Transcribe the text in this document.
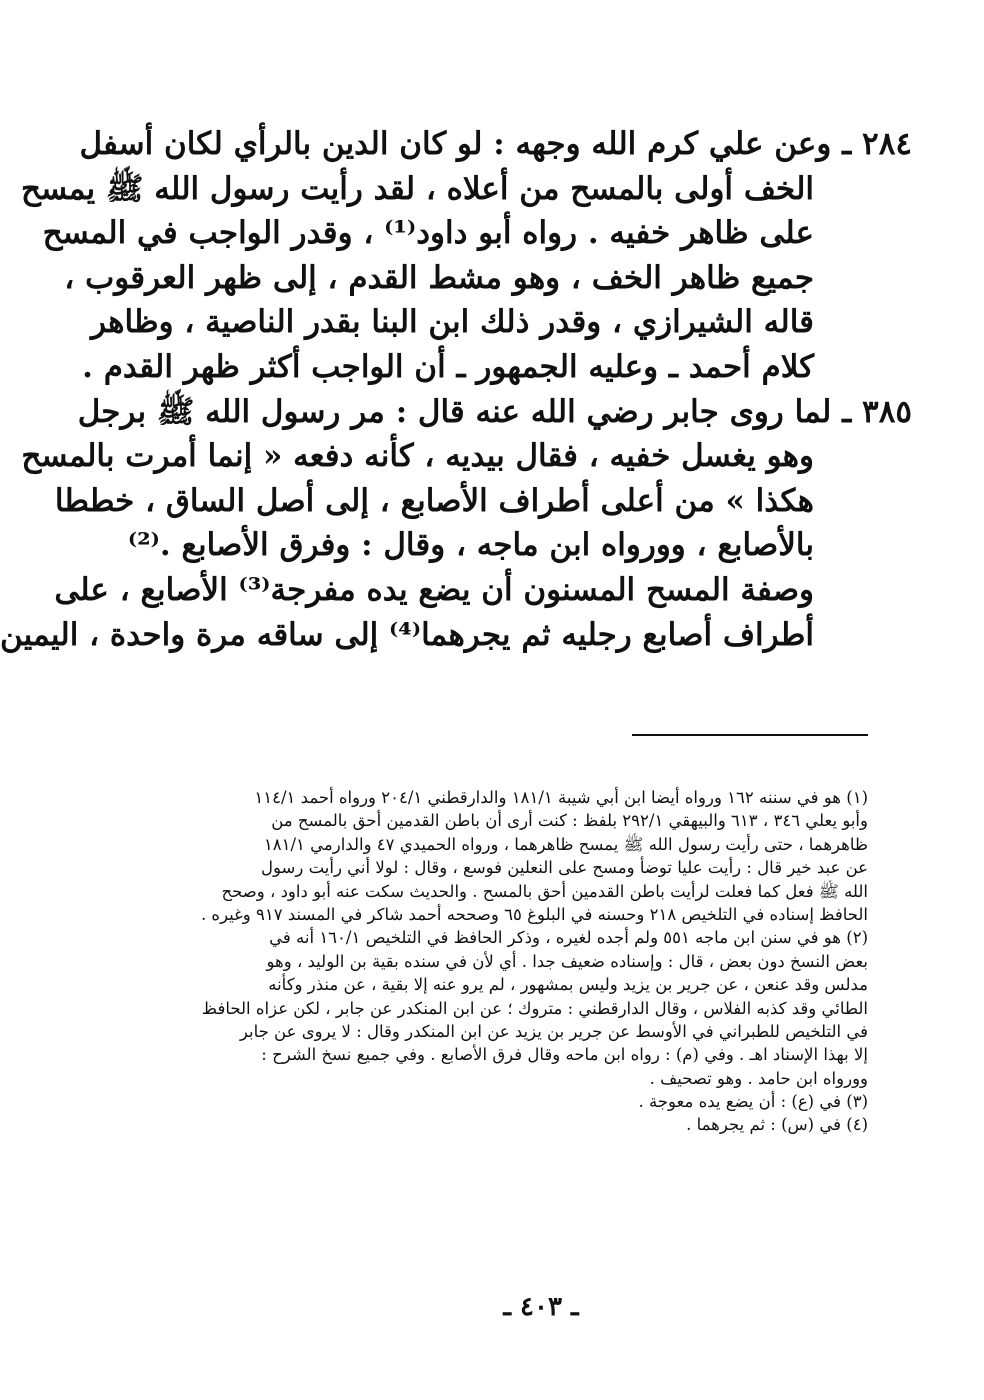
٢٨٤ ـ وعن علي كرم الله وجهه : لو كان الدين بالرأي لكان أسفل
الخف أولى بالمسح من أعلاه ، لقد رأيت رسول الله ﷺ يمسح
على ظاهر خفيه . رواه أبو داود⁽¹⁾ ، وقدر الواجب في المسح
جميع ظاهر الخف ، وهو مشط القدم ، إلى ظهر العرقوب ،
قاله الشيرازي ، وقدر ذلك ابن البنا بقدر الناصية ، وظاهر
كلام أحمد ـ وعليه الجمهور ـ أن الواجب أكثر ظهر القدم .
٣٨٥ ـ لما روى جابر رضي الله عنه قال : مر رسول الله ﷺ برجل
وهو يغسل خفيه ، فقال بيديه ، كأنه دفعه « إنما أمرت بالمسح
هكذا » من أعلى أطراف الأصابع ، إلى أصل الساق ، خططا
بالأصابع ، وورواه ابن ماجه ، وقال : وفرق الأصابع .⁽²⁾
وصفة المسح المسنون أن يضع يده مفرجة⁽³⁾ الأصابع ، على
أطراف أصابع رجليه ثم يجرهما⁽⁴⁾ إلى ساقه مرة واحدة ، اليمين
(١) هو في سننه ١٦٢ ورواه أيضا ابن أبي شيبة ١٨١/١ والدارقطني ٢٠٤/١ ورواه أحمد ١١٤/١
وأبو يعلي ٣٤٦ ، ٦١٣ والبيهقي ٢٩٢/١ بلفظ : كنت أرى أن باطن القدمين أحق بالمسح من
ظاهرهما ، حتى رأيت رسول الله ﷺ يمسح ظاهرهما ، ورواه الحميدي ٤٧ والدارمي ١٨١/١
عن عبد خير قال : رأيت عليا توضأ ومسح على النعلين فوسع ، وقال : لولا أني رأيت رسول
الله ﷺ فعل كما فعلت لرأيت باطن القدمين أحق بالمسح . والحديث سكت عنه أبو داود ، وصحح
الحافظ إسناده في التلخيص ٢١٨ وحسنه في البلوغ ٦٥ وصححه أحمد شاكر في المسند ٩١٧ وغيره .
(٢) هو في سنن ابن ماجه ٥٥١ ولم أجده لغيره ، وذكر الحافظ في التلخيص ١٦٠/١ أنه في
بعض النسخ دون بعض ، قال : وإسناده ضعيف جدا . أي لأن في سنده بقية بن الوليد ، وهو
مدلس وقد عنعن ، عن جرير بن يزيد وليس بمشهور ، لم يرو عنه إلا بقية ، عن منذر وكأنه
الطائي وقد كذبه الفلاس ، وقال الدارقطني : متروك ؛ عن ابن المنكدر عن جابر ، لكن عزاه الحافظ
في التلخيص للطبراني في الأوسط عن جرير بن يزيد عن ابن المنكدر وقال : لا يروى عن جابر
إلا بهذا الإسناد اهـ . وفي (م) : رواه ابن ماحه وقال فرق الأصابع . وفي جميع نسخ الشرح :
وورواه ابن حامد . وهو تصحيف .
(٣) في (ع) : أن يضع يده معوجة .
(٤) في (س) : ثم يجرهما .
ـ ٤٠٣ ـ
